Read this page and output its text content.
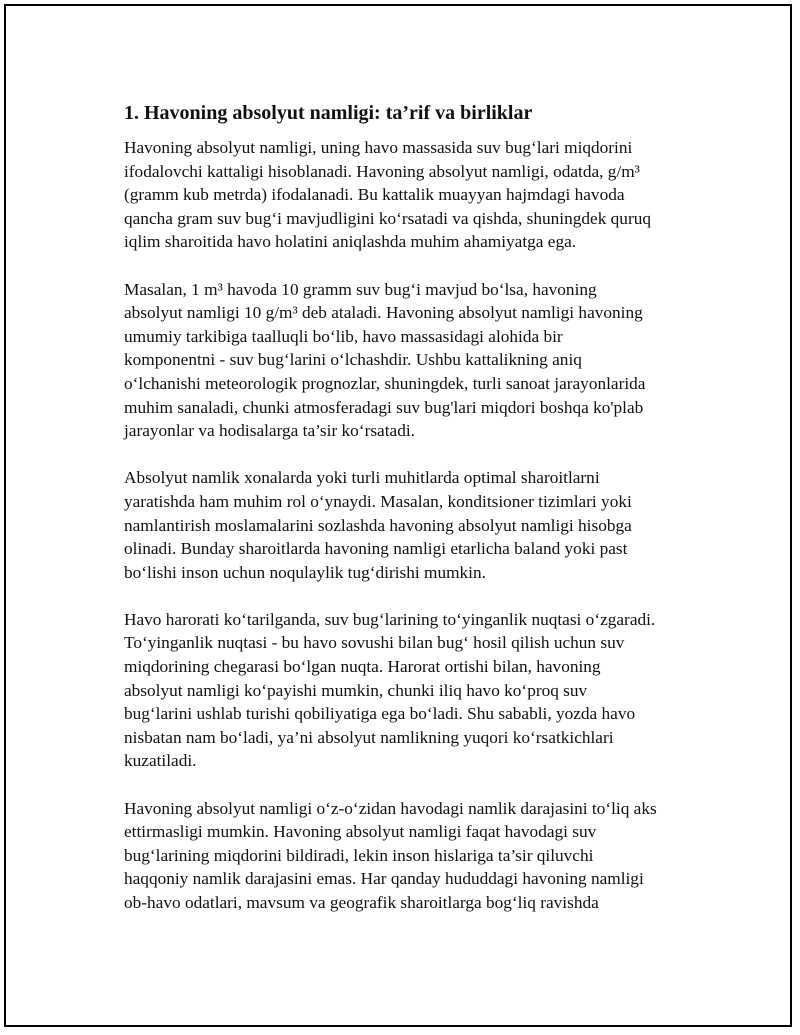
1. Havoning absolyut namligi: ta’rif va birliklar
Havoning absolyut namligi, uning havo massasida suv bug‘lari miqdorini
ifodalovchi kattaligi hisoblanadi. Havoning absolyut namligi, odatda, g/m³
(gramm kub metrda) ifodalanadi. Bu kattalik muayyan hajmdagi havoda
qancha gram suv bug‘i mavjudligini ko‘rsatadi va qishda, shuningdek quruq
iqlim sharoitida havo holatini aniqlashda muhim ahamiyatga ega.
Masalan, 1 m³ havoda 10 gramm suv bug‘i mavjud bo‘lsa, havoning
absolyut namligi 10 g/m³ deb ataladi. Havoning absolyut namligi havoning
umumiy tarkibiga taalluqli bo‘lib, havo massasidagi alohida bir
komponentni - suv bug‘larini o‘lchashdir. Ushbu kattalikning aniq
o‘lchanishi meteorologik prognozlar, shuningdek, turli sanoat jarayonlarida
muhim sanaladi, chunki atmosferadagi suv bug'lari miqdori boshqa ko'plab
jarayonlar va hodisalarga ta’sir ko‘rsatadi.
Absolyut namlik xonalarda yoki turli muhitlarda optimal sharoitlarni
yaratishda ham muhim rol o‘ynaydi. Masalan, konditsioner tizimlari yoki
namlantirish moslamalarini sozlashda havoning absolyut namligi hisobga
olinadi. Bunday sharoitlarda havoning namligi etarlicha baland yoki past
bo‘lishi inson uchun noqulaylik tug‘dirishi mumkin.
Havo harorati ko‘tarilganda, suv bug‘larining to‘yinganlik nuqtasi o‘zgaradi.
To‘yinganlik nuqtasi - bu havo sovushi bilan bug‘ hosil qilish uchun suv
miqdorining chegarasi bo‘lgan nuqta. Harorat ortishi bilan, havoning
absolyut namligi ko‘payishi mumkin, chunki iliq havo ko‘proq suv
bug‘larini ushlab turishi qobiliyatiga ega bo‘ladi. Shu sababli, yozda havo
nisbatan nam bo‘ladi, ya’ni absolyut namlikning yuqori ko‘rsatkichlari
kuzatiladi.
Havoning absolyut namligi o‘z-o‘zidan havodagi namlik darajasini to‘liq aks
ettirmasligi mumkin. Havoning absolyut namligi faqat havodagi suv
bug‘larining miqdorini bildiradi, lekin inson hislariga ta’sir qiluvchi
haqqoniy namlik darajasini emas. Har qanday hududdagi havoning namligi
ob-havo odatlari, mavsum va geografik sharoitlarga bog‘liq ravishda
